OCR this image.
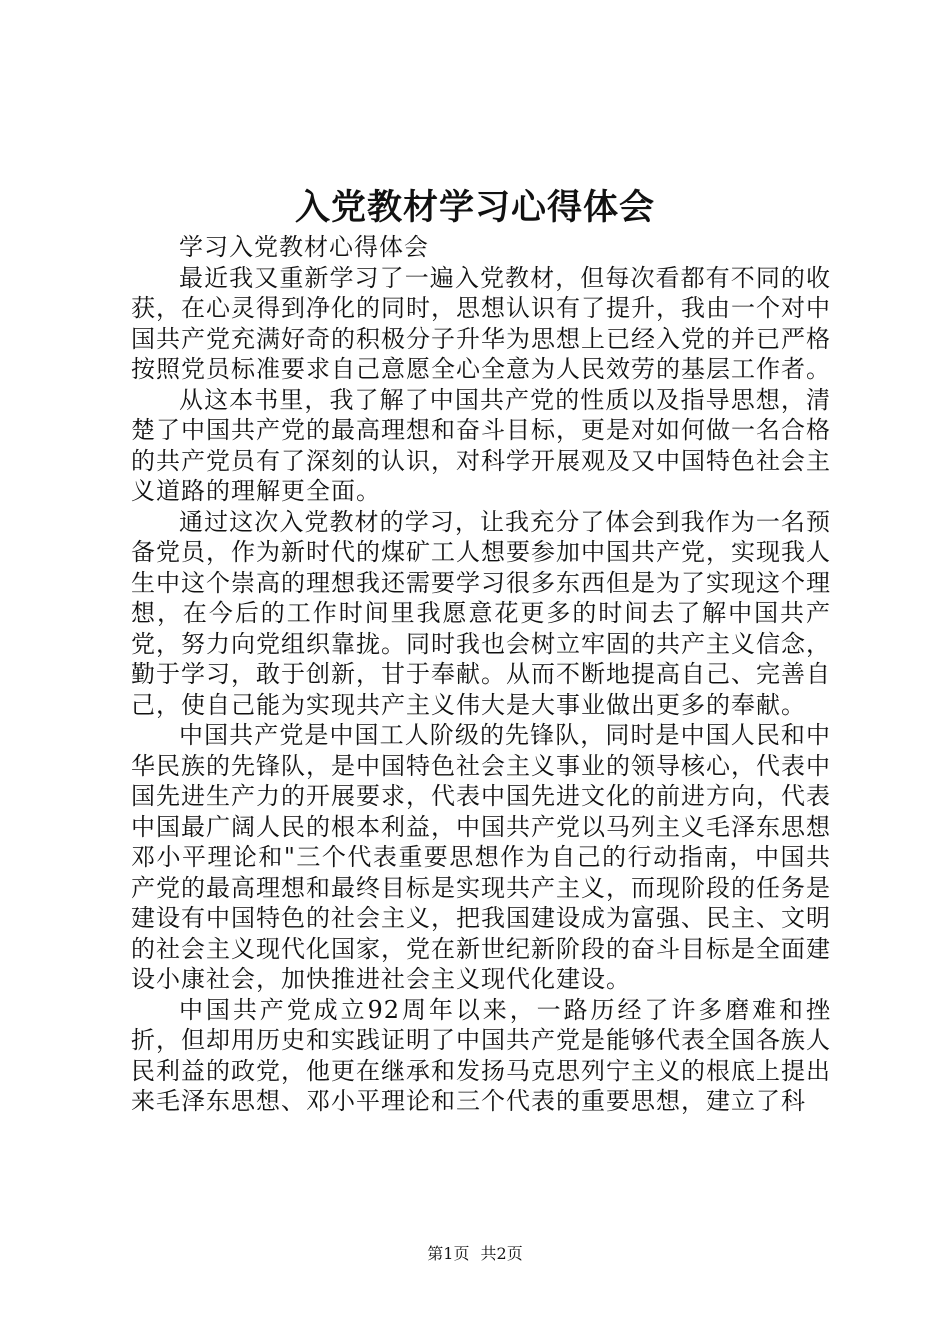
入党教材学习心得体会

学习入党教材心得体会

最近我又重新学习了一遍入党教材，但每次看都有不同的收获，在心灵得到净化的同时，思想认识有了提升，我由一个对中国共产党充满好奇的积极分子升华为思想上已经入党的并已严格按照党员标准要求自己意愿全心全意为人民效劳的基层工作者。

从这本书里，我了解了中国共产党的性质以及指导思想，清楚了中国共产党的最高理想和奋斗目标，更是对如何做一名合格的共产党员有了深刻的认识，对科学开展观及又中国特色社会主义道路的理解更全面。

通过这次入党教材的学习，让我充分了体会到我作为一名预备党员，作为新时代的煤矿工人想要参加中国共产党，实现我人生中这个崇高的理想我还需要学习很多东西但是为了实现这个理想，在今后的工作时间里我愿意花更多的时间去了解中国共产党，努力向党组织靠拢。同时我也会树立牢固的共产主义信念，勤于学习，敢于创新，甘于奉献。从而不断地提高自己、完善自己，使自己能为实现共产主义伟大是大事业做出更多的奉献。

中国共产党是中国工人阶级的先锋队，同时是中国人民和中华民族的先锋队，是中国特色社会主义事业的领导核心，代表中国先进生产力的开展要求，代表中国先进文化的前进方向，代表中国最广阔人民的根本利益，中国共产党以马列主义毛泽东思想邓小平理论和"三个代表重要思想作为自己的行动指南，中国共产党的最高理想和最终目标是实现共产主义，而现阶段的任务是建设有中国特色的社会主义，把我国建设成为富强、民主、文明的社会主义现代化国家，党在新世纪新阶段的奋斗目标是全面建设小康社会，加快推进社会主义现代化建设。

中国共产党成立92周年以来，一路历经了许多磨难和挫折，但却用历史和实践证明了中国共产党是能够代表全国各族人民利益的政党，他更在继承和发扬马克思列宁主义的根底上提出来毛泽东思想、邓小平理论和三个代表的重要思想，建立了科

第1页 共2页
